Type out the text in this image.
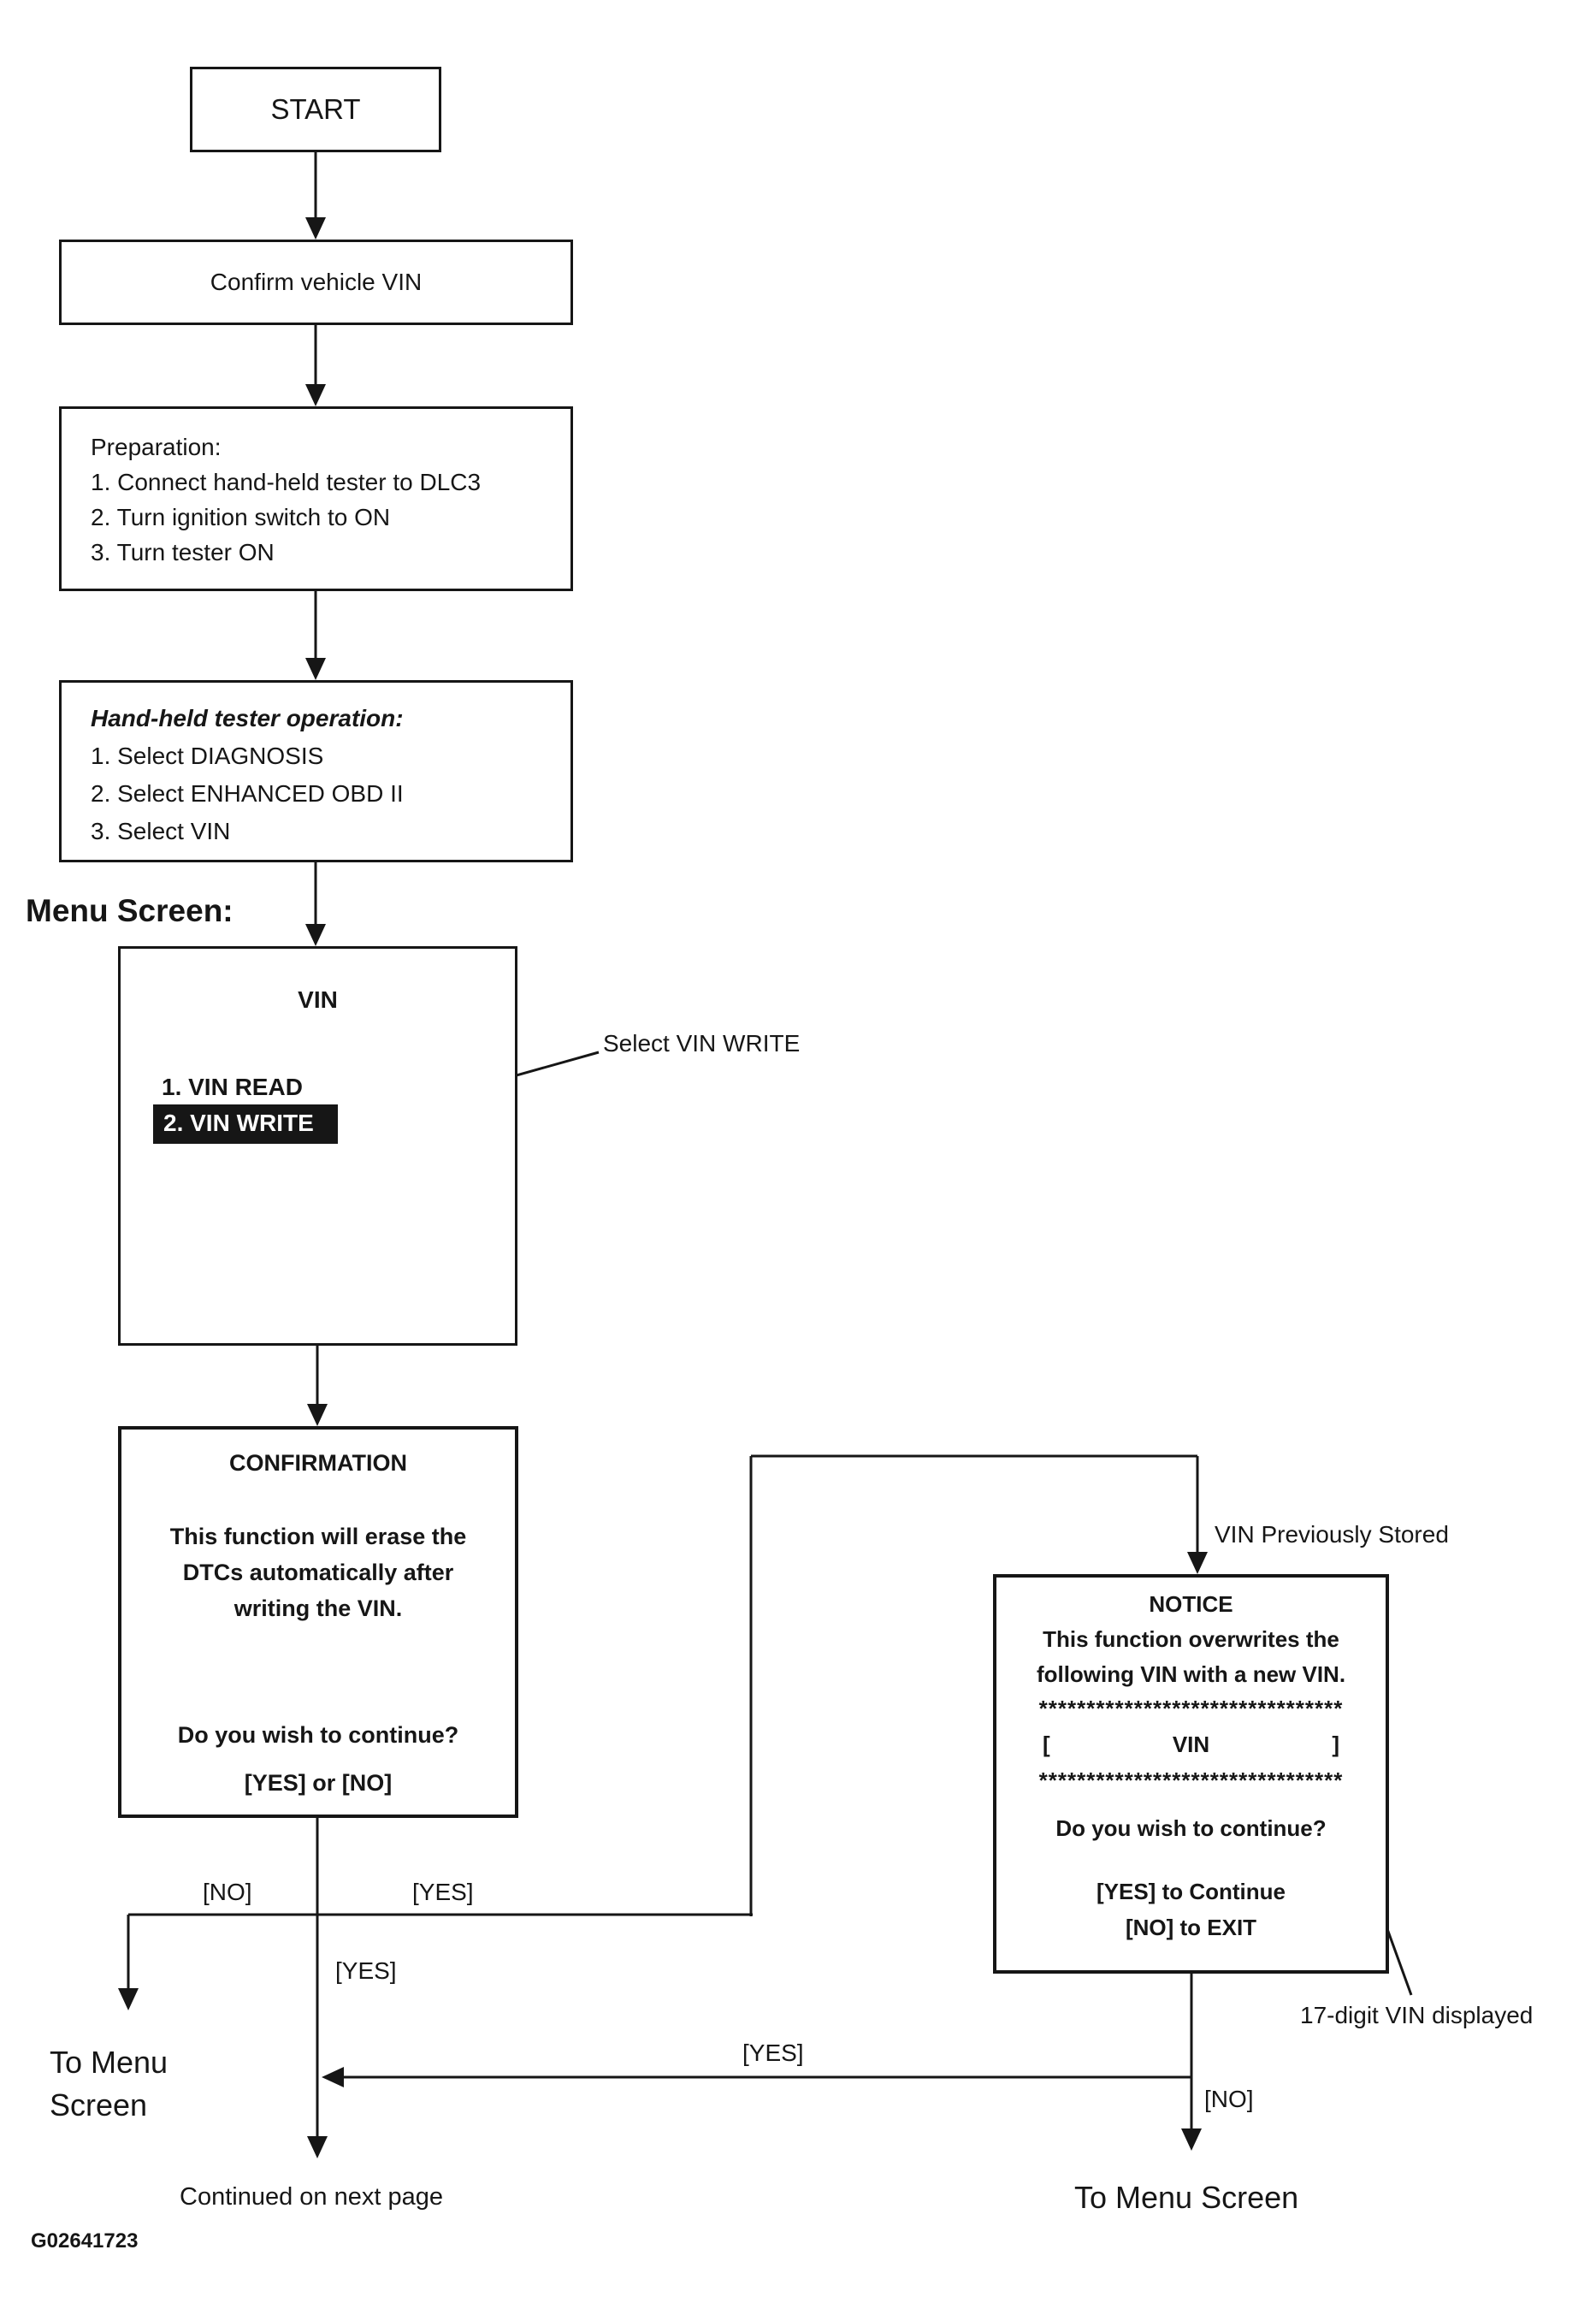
START
Confirm vehicle VIN
Preparation:
1. Connect hand-held tester to DLC3
2. Turn ignition switch to ON
3. Turn tester ON
Hand-held tester operation:
1. Select DIAGNOSIS
2. Select ENHANCED OBD II
3. Select VIN
Menu Screen:
VIN
1. VIN READ
2. VIN WRITE
Select VIN WRITE
CONFIRMATION
This function will erase the
DTCs automatically after
writing the VIN.
Do you wish to continue?
[YES] or [NO]
VIN Previously Stored
NOTICE
This function overwrites the
following VIN with a new VIN.
********************************
[	VIN	]
********************************
Do you wish to continue?
[YES] to Continue
[NO] to EXIT
17-digit VIN displayed
[NO]	[YES]
[YES]
[YES]
[NO]
To Menu
Screen
Continued on next page	To Menu Screen
G02641723
